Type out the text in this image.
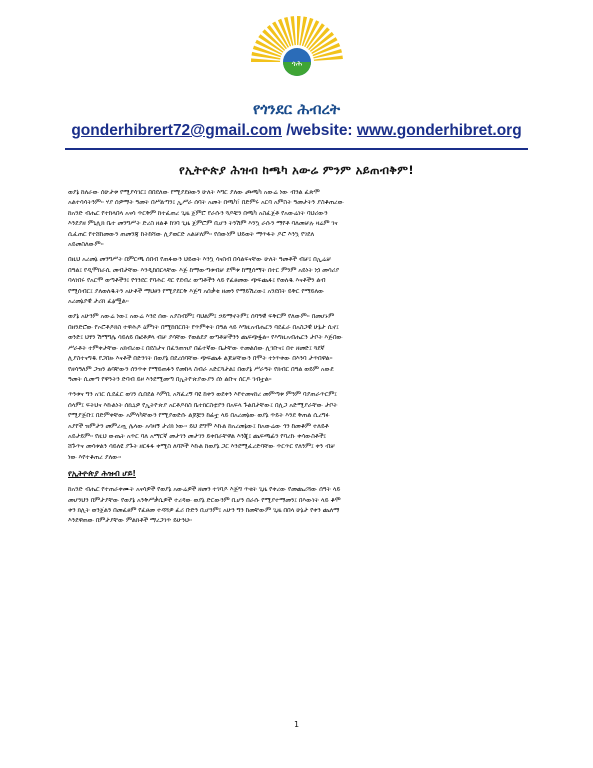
ጎሕ
የጎንደር ሕብረት
gonderhibrert72@gmail.com /website: www.gonderhibret.org
የኢትዮጵያ ሕዝብ ከጫካ አውሬ ምንም አይጠብቅም!

ወያኔ ከለራው ሰሁታቱ የሚያሳገር፤ በበደለው የሚያደፀውን ሁለት እግር ያለው ጮጫካ አውሬ ነው ብንል ፈጽሞ
አልተሳሳትንም። ሃያ ሰዎማት ዓመት በሥልጣን፤ ኢሥራ ሰባት አመት በጫካ፣ በድምሩ አርባ አምስት ዓመታትን ያስቆጠረው
ከአንድ ብሔር የተከላበላ አናሳ ጥርቅም ከተፈጠረ ጊዜ ጀምሮ የራሱን ጓዶቹን በጫካ አስፈጀቶ የአውሬነት ባህሪውን
እንደያዘ ምኒሊክ ቤተ መንግሥት ድረስ ዘልቆ ከገባ ጊዜ ጀምሮም ቢሆን ትንሽም እንኳ ራሱን ማየቶ ባለመቻሉ ዛሬም ገና
ሲፈጠር የተሸከመውን ጠመንጃ ከትከሻው ሊያወርድ አልቻለም። የሰውነም ህይወት ማጥፋት ዶሮ እንኳ የገደለ
አይመስለውም።

በዚህ አረመኔ መንግሥት በምርጫ ሰበብ የጠፋውን ህይወት እንኳ ሳናስብ በሳልፍናቸው ሁለት ዓመቶች ብቻ፤ በኢሬቻ
በዓል፤ የዲሞክራሲ መብታቸው እንዲከበርላቸው እጅ ከማውጣቱብቻ ደሞቱ ከሚሰማት በተር ምንም አይነት ነጏ መሳሪያ
ባላነበሩ የአርሞ ወጣቶችን፤ የጎንደር የባሕር ዳር የደብረ ወጣቶችን ላይ የፈፀመው ጭፍጨፋ፤ የወለዱ እናቶችን ልብ
የሚሰብር፤ ያለወለዱትን አሁቶች ማህፀን የሚያደርቅ እጅግ አሰቃቂ ዘመን የማይሽረው፤ አንደበት ይቅር የማይለው
አረመኔያዊ ታሪክ ፈፅሟል።

ወያኔ አሁንም አውሬ ነው፤ አውሬ እንደ ሰው አያስብም፤ ባህልም፤ ኃይማኖትም፤ ሰባዓዊ ፍቅርም የለውም። በመሆኑም
በዘንድሮው የኦሮቶዶክስ ተዋሕዶ ዕምነት በሚከበርበት የጥምቀት በዓል ላይ እግዚአብሔርን ባደፈራ በአስጋዊ ሁኔታ ሲኖ፤
ወንድ፤ ህፃን ሽማግሌ ሳይለይ በፎቶዎላ ብቻ ያሳቸው የወልደያ ወጣቶቻችንን ጨፍጭፏል። የእግዚአብሔርን ታቦት እጅበው
ሥራቶት ተምቀታቸው አክብረው፤ በደስታና በፈንጠዝያ በፊተኛው ቤታቸው ተመልሰው ሊገቡና፤ በተ ዘመድ፤ ጓደኛ
ሊያስተናግዱ የጋበዙ እናቶች በድንገት በወያኔ በደረሰባቸው ጭፍጨፋ ልጆቻቸውን በሞት ተነጥቀው በእንባ ታጥበዋል።
የዘሳዓለም ጋዝን ልባቸውን ሰንጥቀ የማይጠፋን የመከላ ስብራ አድርጓታል፤ በወያኔ ሥራዓት የክብር በዓል ወይም አውደ
ዓመት ሲመጣ የዋንትን ድባብ ይዞ እንደሚመጣ በኢትዮጵያውያን ሰነ ልቡና ሰርዶ ገብቷል።

ጥንቱና ግን አገር ሲደፈር ወገን ሲበደል እምቢ አሻፈረኝ ባዩ ከቀን ወደቀን እየተመናከረ መምጣቱ ምንም ባያጠራጥርም፤
ሰላም፤ ፍትህና እኩልነት ሰኪኒዎ የኢትዮጵያ አርቶዶክስ ቤተክርስቲያን በአፍላ ጉልበታቸው፤ በሊጋ አድሚያራቸው ታቦት
የሚያጅቡ፤ በድምቀቸው አምላካቸውን የሚያወድሱ ልጆቿን ከፊቷ ላይ በአረመኔው ወያኔ ጥይት እንደ ቅጠል ሲረግፉ
አያየች ዝምታን መምረጧ ሌላው አሳዛኝ ታሪክ ነው። ይህ ደግሞ እኩል ከአረመኔው፤ ከአውሬው ጎን ከመቆም ተለይቶ
አይታይም። የዚህ ውጤት አጥር ባለ አማርኛ መታገን መታገን ይቀበራቸዋል እንጂ፤ ጨፍጫፊን የባረኩ ቀሳውስቶች፤
ሸጉጥና መሳቱልን ሳይለዩ ያጉት ዘርፋፋ ቀሚስ ለባሾች እኩል ከወያኔ ጋር እንደሚፈረድባቸው ጥርጥር የለንም፤ ቀን ብቻ
ነው እየተቆጠረ ያለው።

የኢትዮጵያ ሕዝብ ሆይ!

ከአንድ ብሔር የተጠራቀሙት አናሳዎች የወያኔ አውሬዎች ዘመን ተገባዶ እጅግ ጥቂት ጊዜ የቀረው የመጨረሻው ሰዓት ላይ
መሆንህን በምታያቸው የወያኔ አንቅሥቃሴዎች ተረዳው ወያኔ ድርውንም ቢሆን በራሱ የሚያተማመን፤ በእውነት ላይ ቆሞ
ቀን ክሊት ወንጀልን በመፈፀም የፈፀመ ተዳሻዎ ፈሪ ቡድን ቢሆንም፤ አሁን ግን ከመቸውም ጊዜ በበላ ሁኔታ የቀን ጨለማ
እንደዋጠው በምታያቸው ምልክቶች ማረጋገጥ ይሁንህ።

1
